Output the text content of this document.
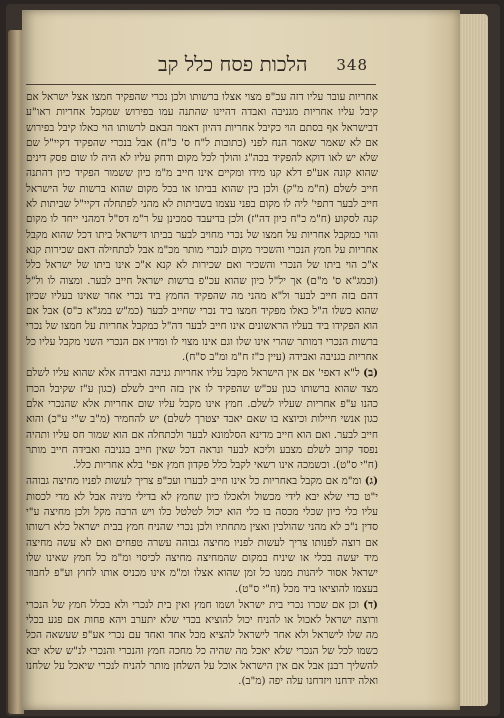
הלכות פסח כלל קב 348

אחריות עובר עליו דזה עכ"פ מצוי אצלו ברשותו ולכן נכרי שהפקיד חמצו אצל ישראל אם קיבל עליו אחריות מגניבה ואבדה דהיינו שהתנה עמו בפירוש שמקבל אחריות ראו"ע דבישראל אף בסתם הוי כקיבל אחריות דהיון דאמר הבאם לרשותו הוי כאלו קיבל בפירוש אם לא שאמר שאמר הנח לפני (כתובות ל"ח ס' כ"ח) אבל בנכרי שהפקיד דקיי"ל שם שלא יש לאו דוקא להפקיד בכה"ג והולך לכל מקום ודחק עליו לא היה לו שום פסק דינים שהוא קונה אע"פ דלא קנו מידו ומקיים אינו חייב מ"מ כיון ששמור הפקיד כיון דהתנה חייב לשלם (ח"מ מ"ק) ולכן בין שהוא בביתו או בכל מקום שהוא ברשות של הישראל חייב לבער דתפי' ליה לו מקום בפני עצמו בשביתות לא מהני לפתחלה דקיי"ל שביתות לא קנה לסקוע (ח"מ כ"ח כיון דה"ז) ולכן בדיעבד סמכינן על ר"מ דס"ל דמהני ייחד לו מקום והוי כמקבל אחריות על חמצו של נכרי מחויב לבער בביתו דישראל ביתו דכל שהוא מקבל אחריות על חמץ הנכרי והשכיר מקום לנכרי מותר מכ"מ אבל לכתחילה דאם שכירות קנא א"כ הוי ביתו של הנכרי והשכיר ואם שכירות לא קנא א"כ אינו ביתו של ישראל כלל (וכמג"א ס' מ"ם) אך יל"ל כיון שהוא עכ"פ ברשות ישראל חייב לבער. ומצוה לו ול"ל דהם בזה חייב לבער ול"א מהני מה שהפקיד החמץ ביד נכרי אחר שאינו בעליו שכיון שהוא כשלו ה"ל כאלו מפקיד חמצו ביד נכרי שחייב לבער (כמ"ש במג"א כ"ס) אבל אם הוא הפקידו ביד בעליו הראשונים אינו חייב לבער דה"ל כמקבל אחריות על חמצו של נכרי ברשות הנכרי דמותר שהרי אינו שלו וגם אינו מצוי לו ומדיו אם הנכרי השני מקבל עליו כל אחריות בגניבה ואבידה (עיין כ"ז ח"מ ומ"ב ס"ח).

(ב) ל"א דאפי' אם אין הישראל מקבל עליו אחריות גניבה ואבידה אלא שהוא עליו לשלם מצד שהוא ברשותו כגון עכ"ש שהפקיד לו אין בזה חייב לשלם (כגון ע"ז שקיבל הכרז כהנו ע"פ אחריות שעליו לשלם. חמץ אינו מקבל עליו שום אחריות אלא שהנכרי אלם כגון אנשי חיילות וכיוצא בו שאם יאבד יצטרך לשלם) יש להחמיר (מ"ב ש"י ע"כ) והוא חייב לבער. ואם הוא חייב מדינא הסלמונא לבער ולכתחלה אם הוא שמור חס עליו ותהיה נפסד קרוב לשלם מצבע וליכא לבער ונראה דכל שאין חייב בגניבה ואבידה חייב מותר (ח"י ס"ט). וכשמכה אינו רשאי לקבל כלל פקדון חמץ אפי' בלא אחריות כלל.

(ג) ומ"מ אם מקבל באחריות כל אינו חייב לבערו ועכ"פ צריך לעשות לפניו מחיצה גבוהה י"ט כדי שלא יבא לידי מכשול ולאכלו כיון שחמץ לא בדילי מיניה אבל לא מדי לכסות עליו כלי כיון שכלי מכסה בו כלי הוא יכול לטלטל כלו ויש הרבה מקל ולכן מחיצה ע"י סדין נ"כ לא מהני שהולכין ואצין מתחתיו ולכן נכרי שהניח חמץ בבית ישראל כלא רשותו אם רוצה לפנותו צריך לעשות לפניו מחיצה גבוהה עשרה טפחים ואם לא עשה מחיצה מיד יעשה בכלי או שיניח במקום שהמחיצה מחיצה לכיסוי ומ"מ כל חמץ שאינו שלו ישראל אסור ליהנות ממנו כל זמן שהוא אצלו ומ"מ אינו מכניס אותו לחוץ וע"פ לחבור בעצמו להוציאו ביד מכל (ח"י ס"ט).

(ד) וכן אם שכרו נכרי בית ישראל ושמו חמץ ואין בית לנכרי ולא בכלל חמץ של הנכרי ורוצה ישראל לאכול או להניח יכול להוציא בכדי שלא יתערב ויהא פחות אם פגע בכלי מה שלו לישראל ולא אחר לישראל להציא מכל אחד ואחד עם נכרי אע"פ שעשאה הכל כשמו לכל של הנכרי שלא יאכל מה שהיה כל מחכה חמץ והנכרי והנכרי לנ"ש שלא יבא להשליך רבנן אבל אם אין הישראל אוכל על השלחן מותר להניח לנכרי שיאכל על שלחנו ואלה ידחנו ויזדחנו עלה יפה (מ"ב).
